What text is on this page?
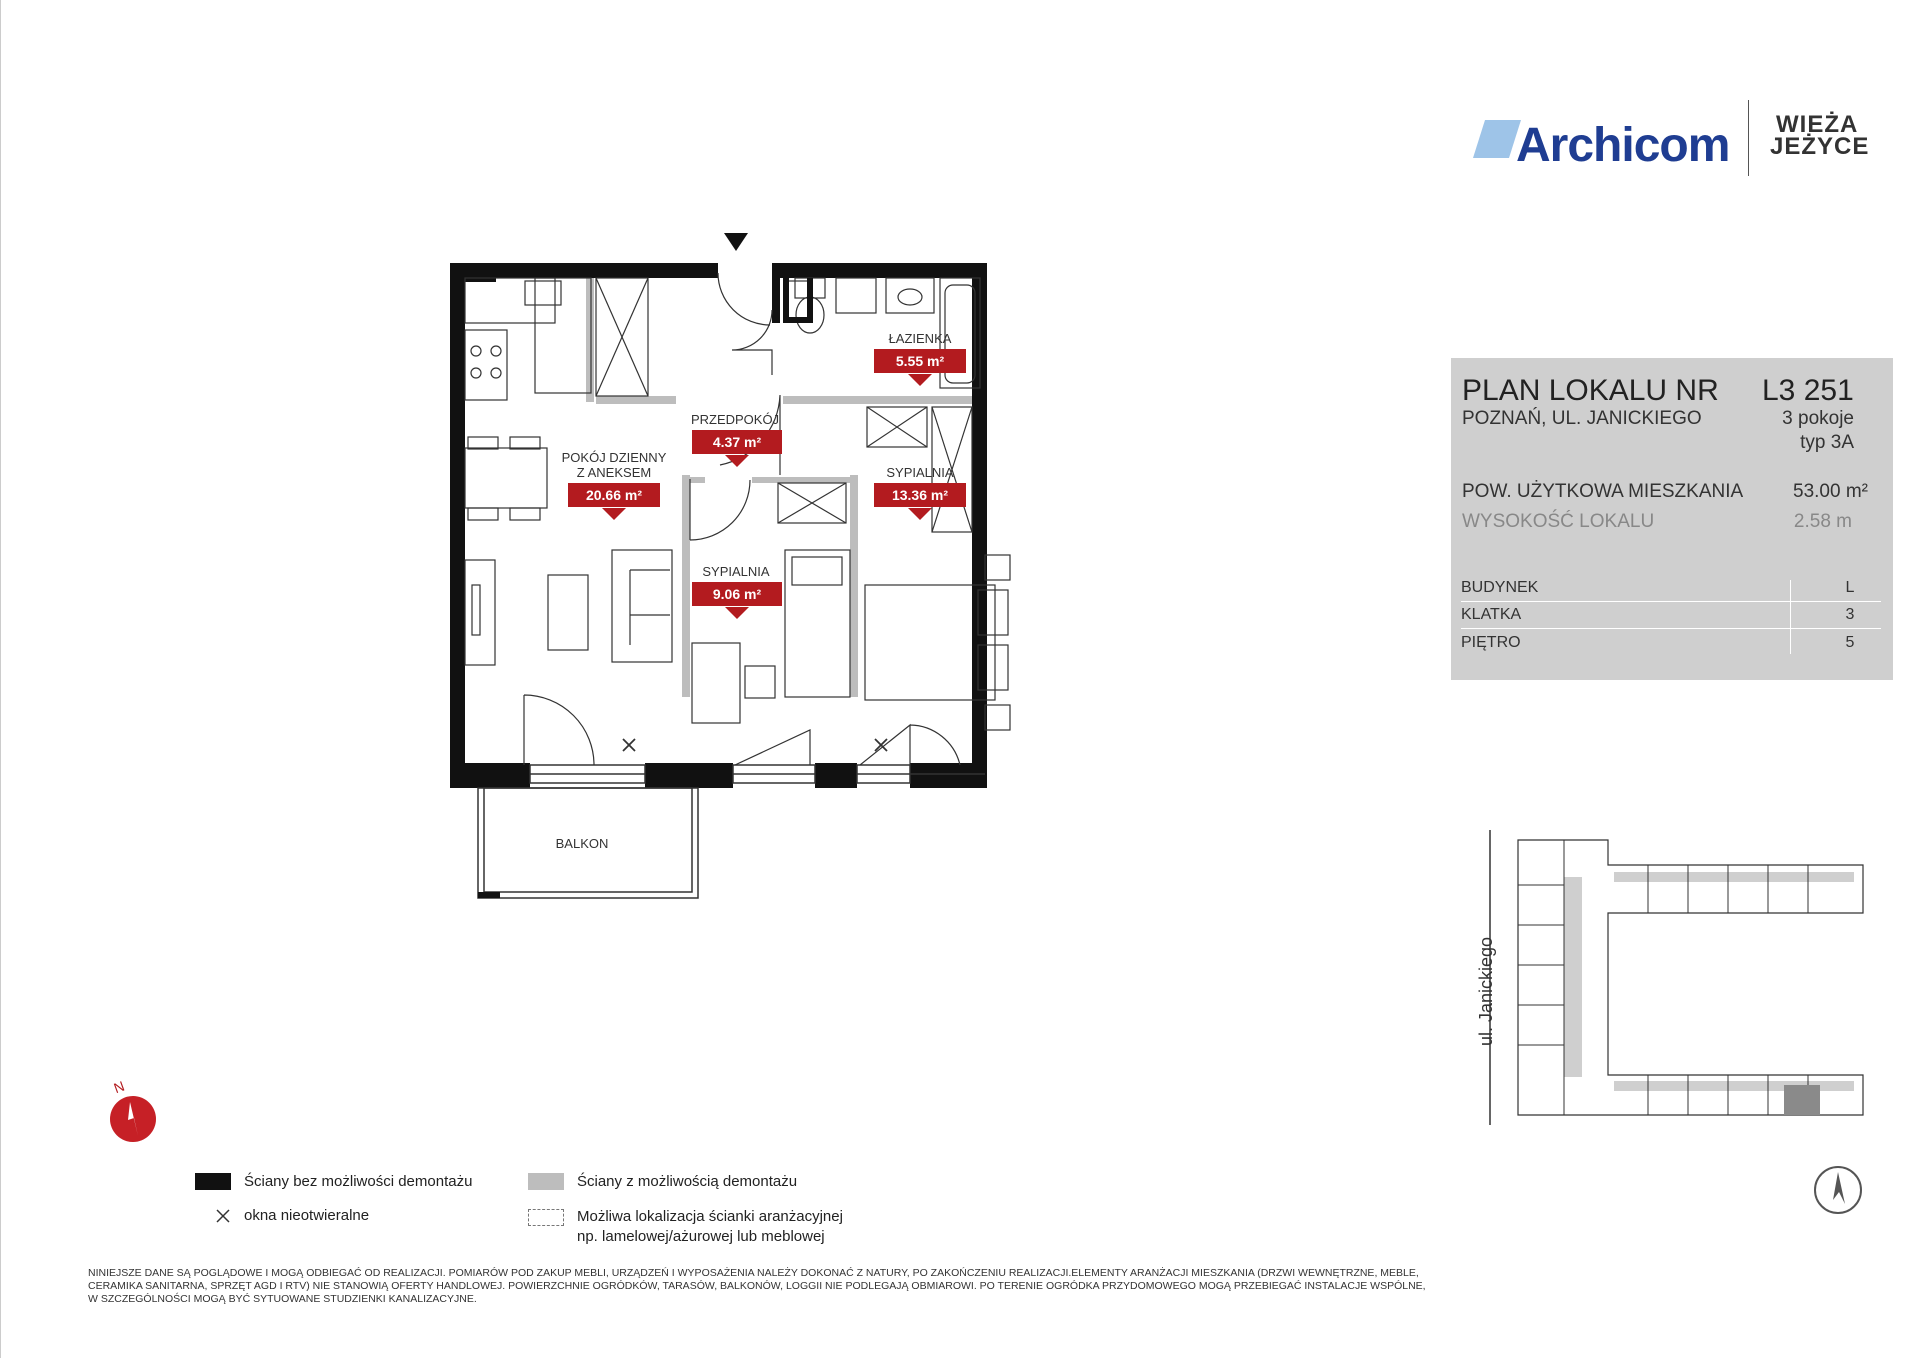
Archicom WIEŻA
JEŻYCE
PLAN LOKALU NR L3 251
POZNAŃ, UL. JANICKIEGO	3 pokoje
typ 3A
POW. UŻYTKOWA MIESZKANIA	53.00 m²
WYSOKOŚĆ LOKALU	2.58 m
BUDYNEK	L
KLATKA	3
PIĘTRO	5
ŁAZIENKA
5.55 m²
PRZEDPOKÓJ
4.37 m²
POKÓJ DZIENNY
Z ANEKSEM
20.66 m²
SYPIALNIA
13.36 m²
SYPIALNIA
9.06 m²
BALKON
N
Ściany bez możliwości demontażu	Ściany z możliwością demontażu
okna nieotwieralne	Możliwa lokalizacja ścianki aranżacyjnej
np. lamelowej/ażurowej lub meblowej
NINIEJSZE DANE SĄ POGLĄDOWE I MOGĄ ODBIEGAĆ OD REALIZACJI. POMIARÓW POD ZAKUP MEBLI, URZĄDZEŃ I WYPOSAŻENIA NALEŻY DOKONAĆ Z NATURY, PO ZAKOŃCZENIU REALIZACJI.ELEMENTY ARANŻACJI MIESZKANIA (DRZWI WEWNĘTRZNE, MEBLE, CERAMIKA SANITARNA, SPRZĘT AGD I RTV) NIE STANOWIĄ OFERTY HANDLOWEJ. POWIERZCHNIE OGRÓDKÓW, TARASÓW, BALKONÓW, LOGGII NIE PODLEGAJĄ OBMIAROWI. PO TERENIE OGRÓDKA PRZYDOMOWEGO MOGĄ PRZEBIEGAĆ INSTALACJE WSPÓLNE, W SZCZEGÓLNOŚCI MOGĄ BYĆ SYTUOWANE STUDZIENKI KANALIZACYJNE.
ul. Janickiego
